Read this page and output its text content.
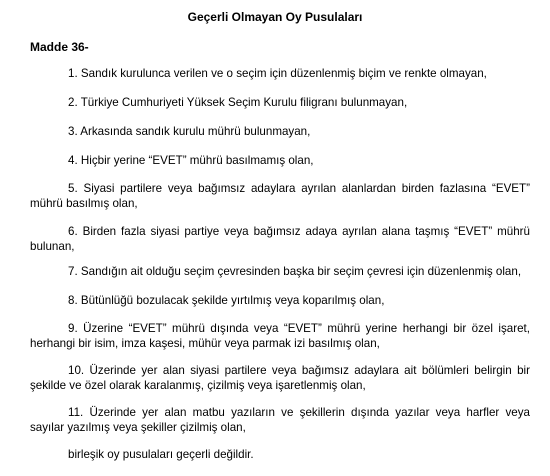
Geçerli Olmayan Oy Pusulaları
Madde 36-

1. Sandık kurulunca verilen ve o seçim için düzenlenmiş biçim ve renkte olmayan,

2. Türkiye Cumhuriyeti Yüksek Seçim Kurulu filigranı bulunmayan,

3. Arkasında sandık kurulu mührü bulunmayan,

4. Hiçbir yerine “EVET” mührü basılmamış olan,

5. Siyasi partilere veya bağımsız adaylara ayrılan alanlardan birden fazlasına “EVET” mührü basılmış olan,

6. Birden fazla siyasi partiye veya bağımsız adaya ayrılan alana taşmış “EVET” mührü bulunan,

7. Sandığın ait olduğu seçim çevresinden başka bir seçim çevresi için düzenlenmiş olan,

8. Bütünlüğü bozulacak şekilde yırtılmış veya koparılmış olan,

9. Üzerine “EVET” mührü dışında veya “EVET” mührü yerine herhangi bir özel işaret, herhangi bir isim, imza kaşesi, mühür veya parmak izi basılmış olan,

10. Üzerinde yer alan siyasi partilere veya bağımsız adaylara ait bölümleri belirgin bir şekilde ve özel olarak karalanmış, çizilmiş veya işaretlenmiş olan,

11. Üzerinde yer alan matbu yazıların ve şekillerin dışında yazılar veya harfler veya sayılar yazılmış veya şekiller çizilmiş olan,

birleşik oy pusulaları geçerli değildir.
